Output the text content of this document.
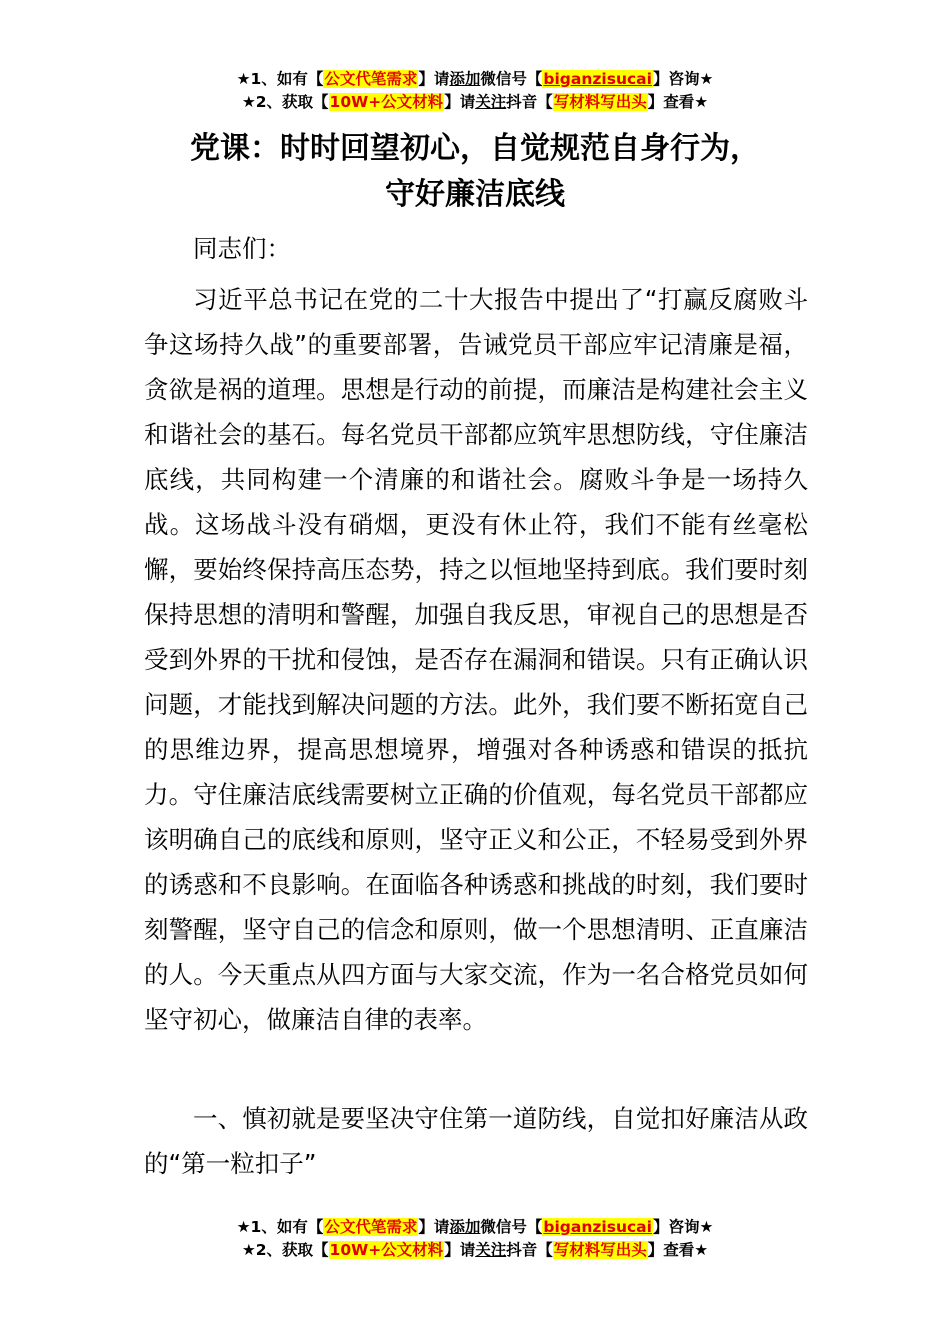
★1、如有【公文代笔需求】请添加微信号【biganzisucai】咨询★
★2、获取【10W+公文材料】请关注抖音【写材料写出头】查看★
党课：时时回望初心，自觉规范自身行为，
守好廉洁底线

同志们：

习近平总书记在党的二十大报告中提出了“打赢反腐败斗争这场持久战”的重要部署，告诫党员干部应牢记清廉是福，贪欲是祸的道理。思想是行动的前提，而廉洁是构建社会主义和谐社会的基石。每名党员干部都应筑牢思想防线，守住廉洁底线，共同构建一个清廉的和谐社会。腐败斗争是一场持久战。这场战斗没有硝烟，更没有休止符，我们不能有丝毫松懈，要始终保持高压态势，持之以恒地坚持到底。我们要时刻保持思想的清明和警醒，加强自我反思，审视自己的思想是否受到外界的干扰和侵蚀，是否存在漏洞和错误。只有正确认识问题，才能找到解决问题的方法。此外，我们要不断拓宽自己的思维边界，提高思想境界，增强对各种诱惑和错误的抵抗力。守住廉洁底线需要树立正确的价值观，每名党员干部都应该明确自己的底线和原则，坚守正义和公正，不轻易受到外界的诱惑和不良影响。在面临各种诱惑和挑战的时刻，我们要时刻警醒，坚守自己的信念和原则，做一个思想清明、正直廉洁的人。今天重点从四方面与大家交流，作为一名合格党员如何坚守初心，做廉洁自律的表率。

一、慎初就是要坚决守住第一道防线，自觉扣好廉洁从政的“第一粒扣子”

★1、如有【公文代笔需求】请添加微信号【biganzisucai】咨询★
★2、获取【10W+公文材料】请关注抖音【写材料写出头】查看★
